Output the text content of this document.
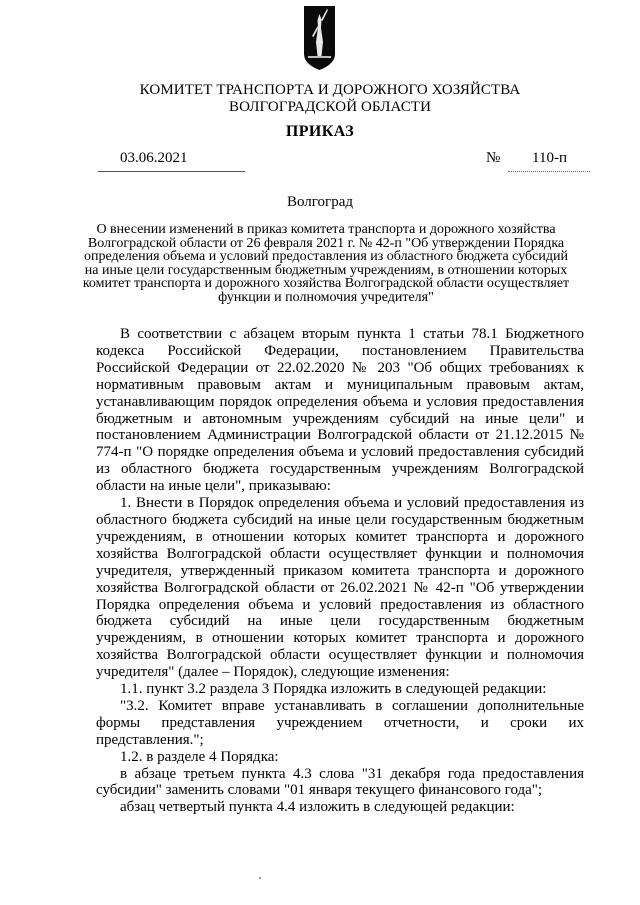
КОМИТЕТ ТРАНСПОРТА И ДОРОЖНОГО ХОЗЯЙСТВА
ВОЛГОГРАДСКОЙ ОБЛАСТИ
ПРИКАЗ
03.06.2021	№ 110-п
Волгоград
О внесении изменений в приказ комитета транспорта и дорожного хозяйства Волгоградской области от 26 февраля 2021 г. № 42-п "Об утверждении Порядка определения объема и условий предоставления из областного бюджета субсидий на иные цели государственным бюджетным учреждениям, в отношении которых комитет транспорта и дорожного хозяйства Волгоградской области осуществляет функции и полномочия учредителя"

В соответствии с абзацем вторым пункта 1 статьи 78.1 Бюджетного кодекса Российской Федерации, постановлением Правительства Российской Федерации от 22.02.2020 № 203 "Об общих требованиях к нормативным правовым актам и муниципальным правовым актам, устанавливающим порядок определения объема и условия предоставления бюджетным и автономным учреждениям субсидий на иные цели" и постановлением Администрации Волгоградской области от 21.12.2015 № 774-п "О порядке определения объема и условий предоставления субсидий из областного бюджета государственным учреждениям Волгоградской области на иные цели", приказываю:

1. Внести в Порядок определения объема и условий предоставления из областного бюджета субсидий на иные цели государственным бюджетным учреждениям, в отношении которых комитет транспорта и дорожного хозяйства Волгоградской области осуществляет функции и полномочия учредителя, утвержденный приказом комитета транспорта и дорожного хозяйства Волгоградской области от 26.02.2021 № 42-п "Об утверждении Порядка определения объема и условий предоставления из областного бюджета субсидий на иные цели государственным бюджетным учреждениям, в отношении которых комитет транспорта и дорожного хозяйства Волгоградской области осуществляет функции и полномочия учредителя" (далее – Порядок), следующие изменения:

1.1. пункт 3.2 раздела 3 Порядка изложить в следующей редакции:

"3.2. Комитет вправе устанавливать в соглашении дополнительные формы представления учреждением отчетности, и сроки их представления.";

1.2. в разделе 4 Порядка:

в абзаце третьем пункта 4.3 слова "31 декабря года предоставления субсидии" заменить словами "01 января текущего финансового года";

абзац четвертый пункта 4.4 изложить в следующей редакции:
